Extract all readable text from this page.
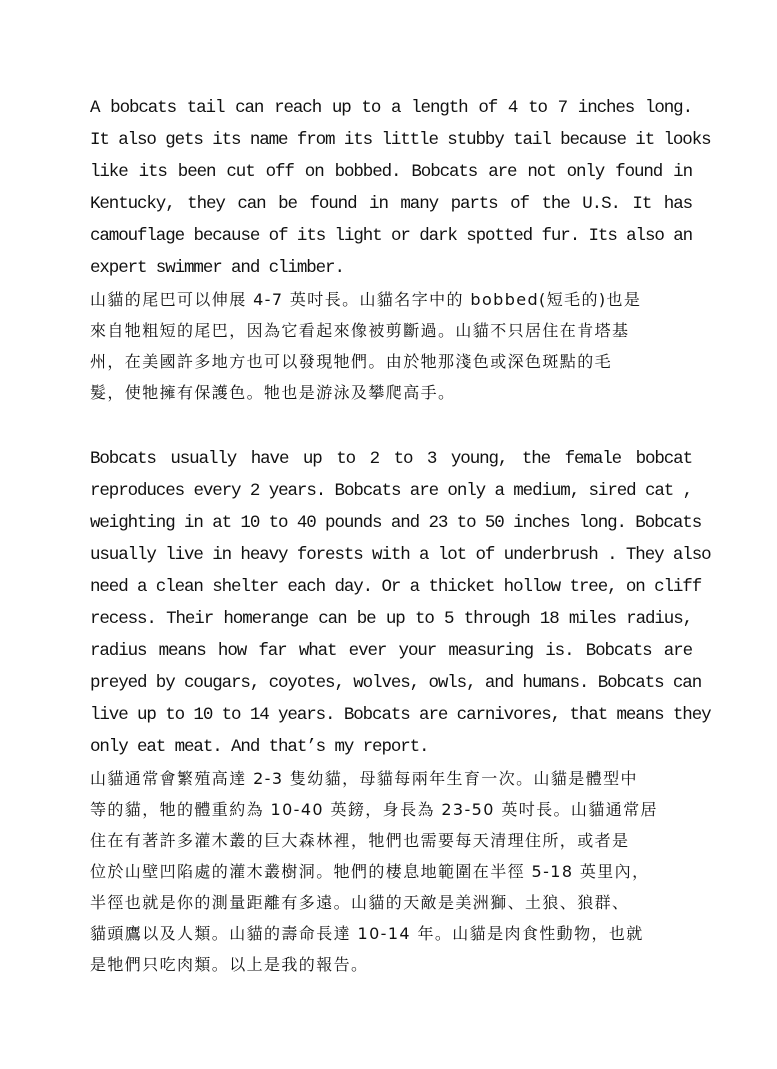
A bobcats tail can reach up to a length of 4 to 7 inches long.
It also gets its name from its little stubby tail because it looks
like its been cut off on bobbed. Bobcats are not only found in
Kentucky, they can be found in many parts of the U.S. It has
camouflage because of its light or dark spotted fur. Its also an
expert swimmer and climber.
山貓的尾巴可以伸展 4-7 英吋長。山貓名字中的 bobbed(短毛的)也是
來自牠粗短的尾巴，因為它看起來像被剪斷過。山貓不只居住在肯塔基
州，在美國許多地方也可以發現牠們。由於牠那淺色或深色斑點的毛
髮，使牠擁有保護色。牠也是游泳及攀爬高手。
Bobcats usually have up to 2 to 3 young, the female bobcat
reproduces every 2 years. Bobcats are only a medium, sired cat ,
weighting in at 10 to 40 pounds and 23 to 50 inches long. Bobcats
usually live in heavy forests with a lot of underbrush . They also
need a clean shelter each day. Or a thicket hollow tree, on cliff
recess. Their homerange can be up to 5 through 18 miles radius,
radius means how far what ever your measuring is. Bobcats are
preyed by cougars, coyotes, wolves, owls, and humans. Bobcats can
live up to 10 to 14 years. Bobcats are carnivores, that means they
only eat meat. And that’s my report.
山貓通常會繁殖高達 2-3 隻幼貓，母貓每兩年生育一次。山貓是體型中
等的貓，牠的體重約為 10-40 英鎊，身長為 23-50 英吋長。山貓通常居
住在有著許多灌木叢的巨大森林裡，牠們也需要每天清理住所，或者是
位於山壁凹陷處的灌木叢樹洞。牠們的棲息地範圍在半徑 5-18 英里內，
半徑也就是你的測量距離有多遠。山貓的天敵是美洲獅、土狼、狼群、
貓頭鷹以及人類。山貓的壽命長達 10-14 年。山貓是肉食性動物，也就
是牠們只吃肉類。以上是我的報告。
